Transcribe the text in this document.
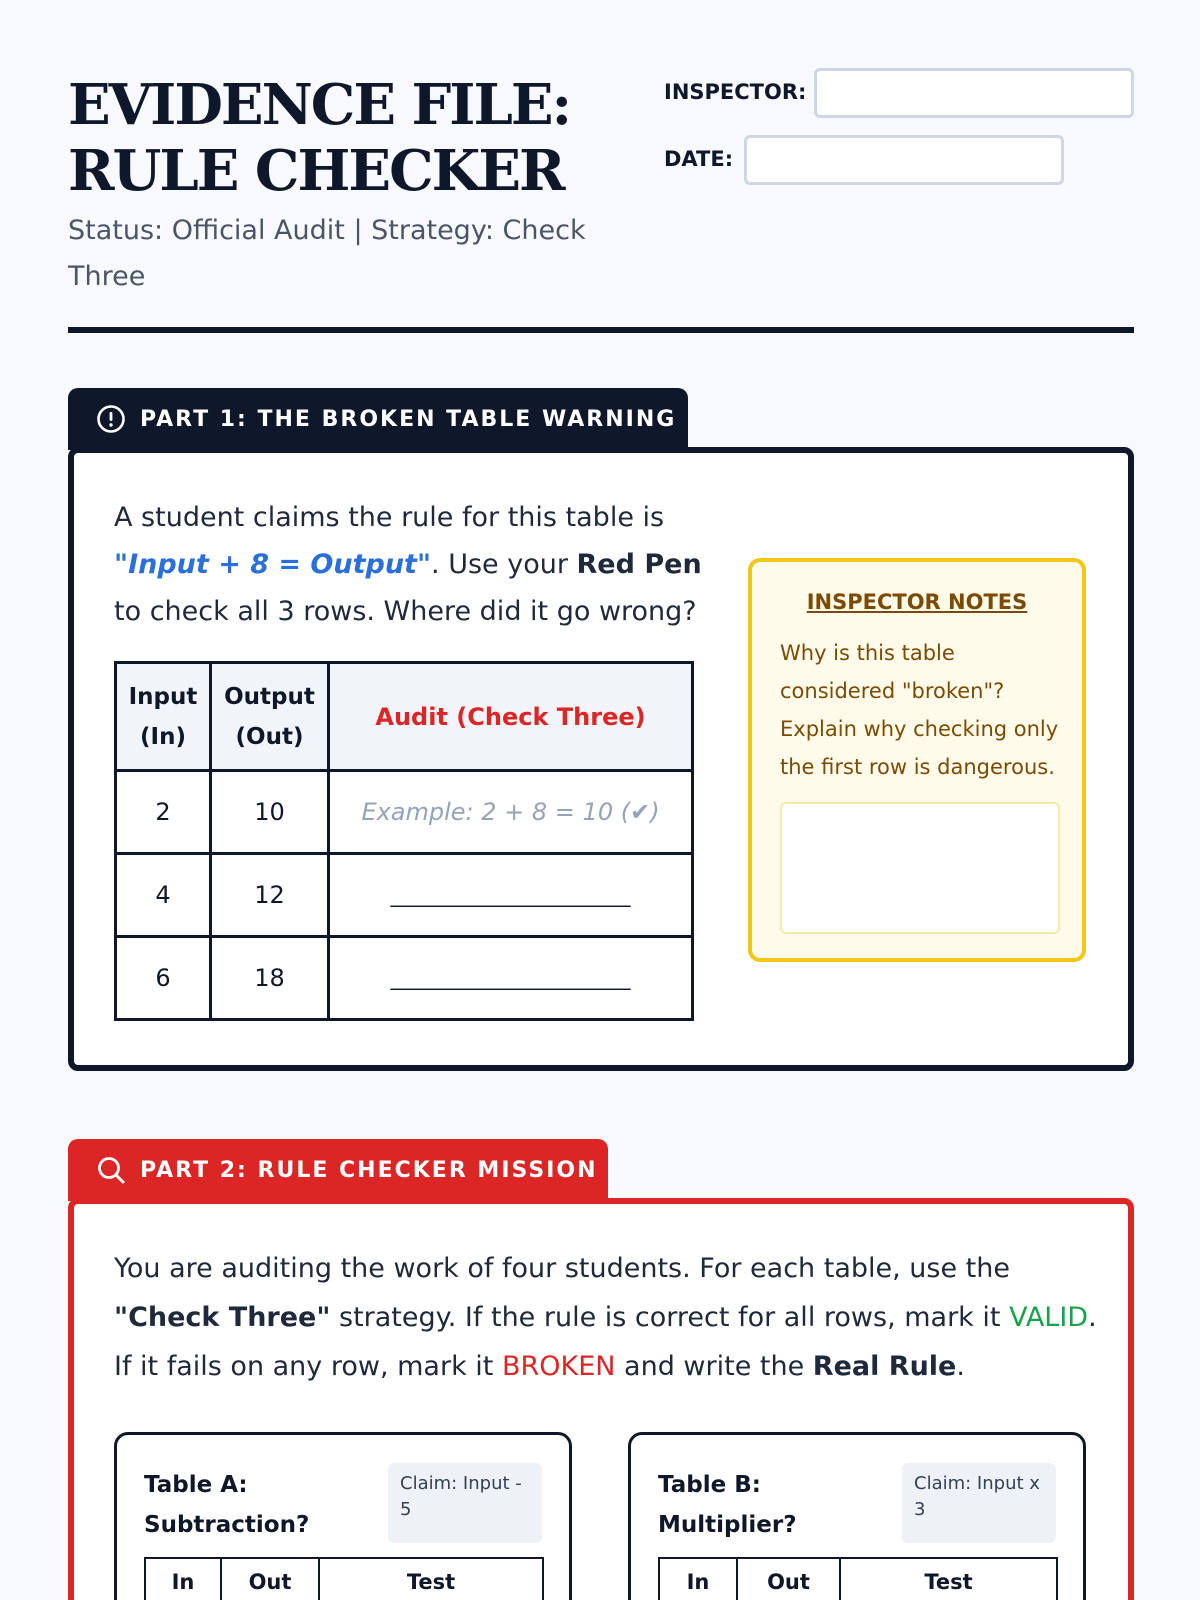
EVIDENCE FILE:
RULE CHECKER
Status: Official Audit | Strategy: Check Three
INSPECTOR:
DATE:
PART 1: THE BROKEN TABLE WARNING
A student claims the rule for this table is "Input + 8 = Output". Use your Red Pen to check all 3 rows. Where did it go wrong?
Input (In)	Output (Out)	Audit (Check Three)
2	10	Example: 2 + 8 = 10 (✔)
4	12	________________________
6	18	________________________
INSPECTOR NOTES
Why is this table considered "broken"? Explain why checking only the first row is dangerous.
PART 2: RULE CHECKER MISSION
You are auditing the work of four students. For each table, use the "Check Three" strategy. If the rule is correct for all rows, mark it VALID. If it fails on any row, mark it BROKEN and write the Real Rule.
Table A: Subtraction?
Claim: Input - 5
In	Out	Test
Table B: Multiplier?
Claim: Input x 3
In	Out	Test
